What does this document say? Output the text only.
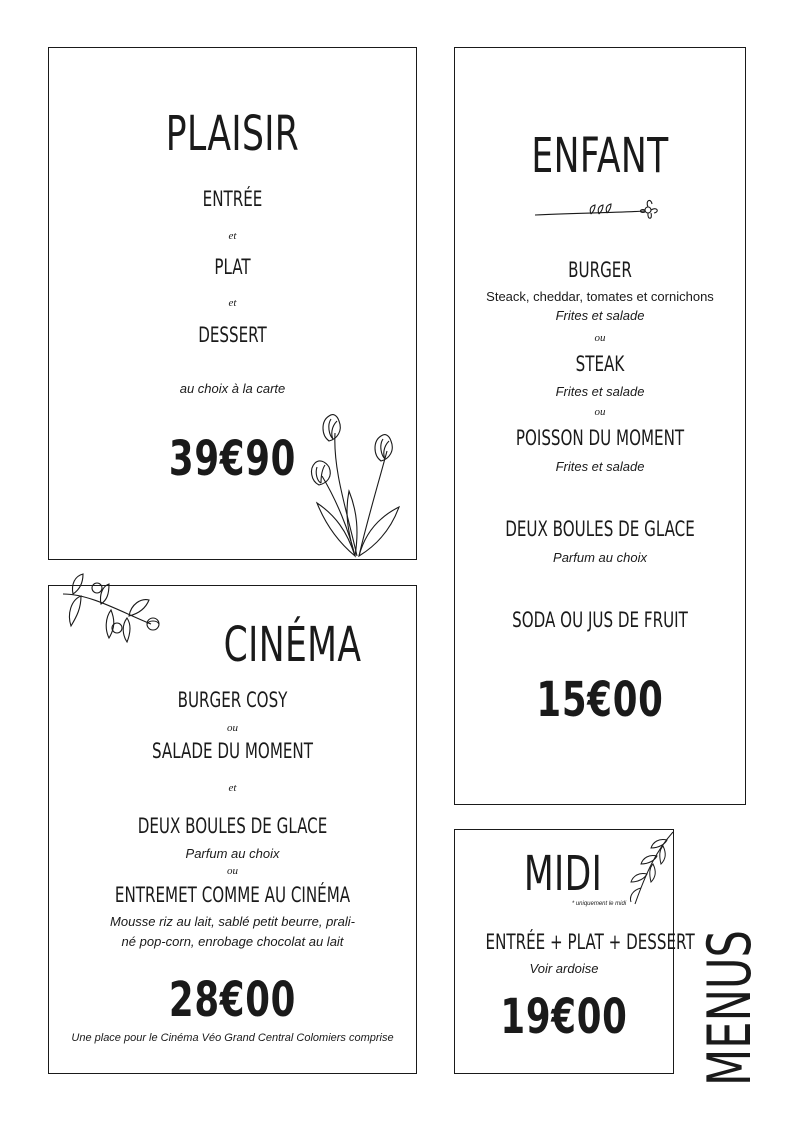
PLAISIR
ENTRÉE
et
PLAT
et
DESSERT
au choix à la carte
39€90
ENFANT
BURGER
Steack, cheddar, tomates et cornichons
Frites et salade
ou
STEAK
Frites et salade
ou
POISSON DU MOMENT
Frites et salade
DEUX BOULES DE GLACE
Parfum au choix
SODA OU JUS DE FRUIT
15€00
CINÉMA
BURGER COSY
ou
SALADE DU MOMENT
et
DEUX BOULES DE GLACE
Parfum au choix
ou
ENTREMET COMME AU CINÉMA
Mousse riz au lait, sablé petit beurre, prali-
né pop-corn, enrobage chocolat au lait
28€00
Une place pour le Cinéma Véo Grand Central Colomiers comprise
MIDI
* uniquement le midi
ENTRÉE + PLAT + DESSERT
Voir ardoise
19€00 MENUS
